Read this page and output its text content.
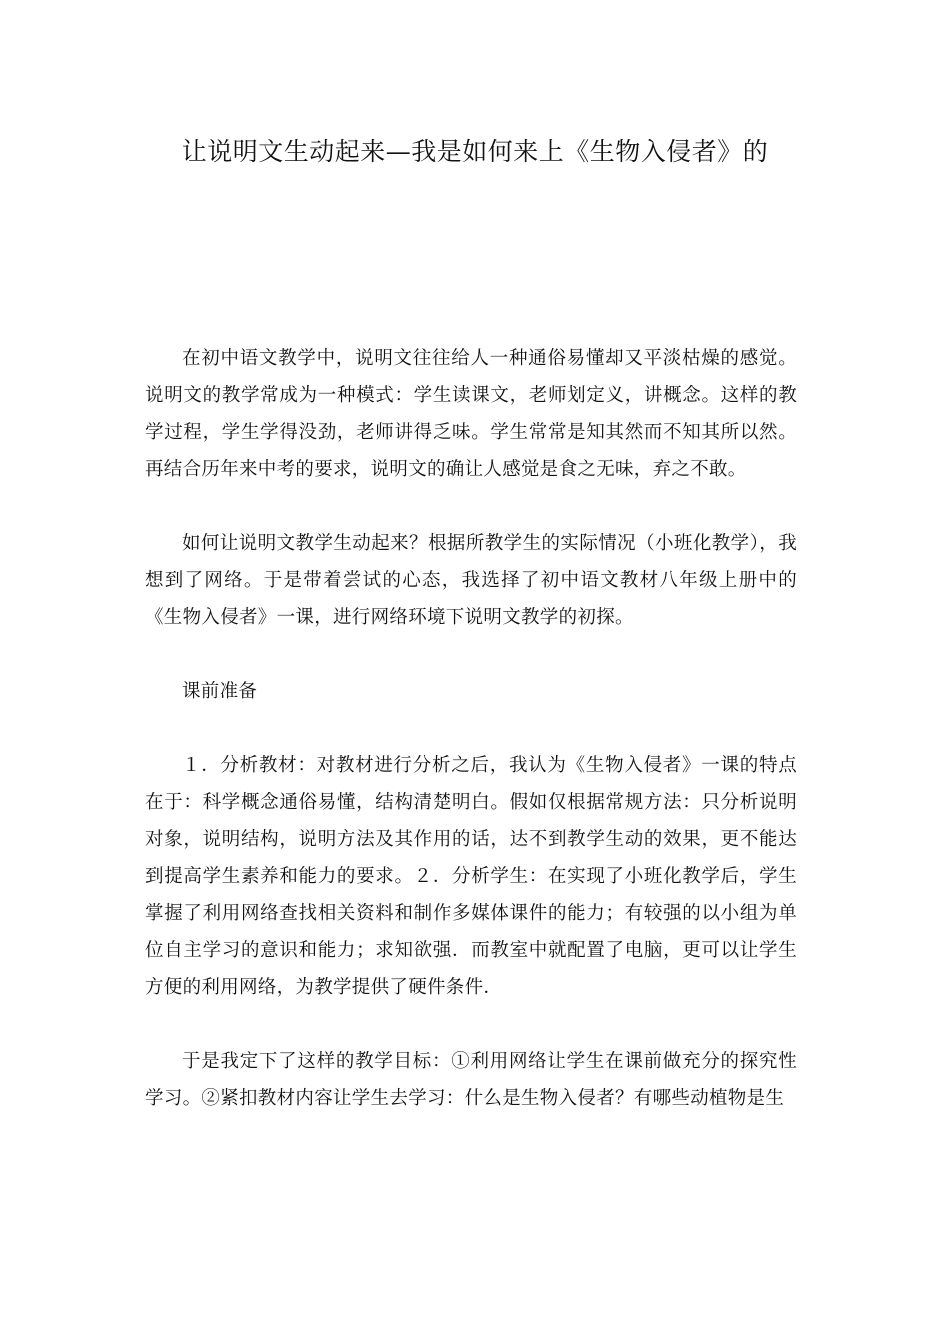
让说明文生动起来—我是如何来上《生物入侵者》的

在初中语文教学中，说明文往往给人一种通俗易懂却又平淡枯燥的感觉。说明文的教学常成为一种模式：学生读课文，老师划定义，讲概念。这样的教学过程，学生学得没劲，老师讲得乏味。学生常常是知其然而不知其所以然。再结合历年来中考的要求，说明文的确让人感觉是食之无味，弃之不敢。

如何让说明文教学生动起来？根据所教学生的实际情况（小班化教学），我想到了网络。于是带着尝试的心态，我选择了初中语文教材八年级上册中的《生物入侵者》一课，进行网络环境下说明文教学的初探。

课前准备

１．分析教材：对教材进行分析之后，我认为《生物入侵者》一课的特点在于：科学概念通俗易懂，结构清楚明白。假如仅根据常规方法：只分析说明对象，说明结构，说明方法及其作用的话，达不到教学生动的效果，更不能达到提高学生素养和能力的要求。２．分析学生：在实现了小班化教学后，学生掌握了利用网络查找相关资料和制作多媒体课件的能力；有较强的以小组为单位自主学习的意识和能力；求知欲强．而教室中就配置了电脑，更可以让学生方便的利用网络，为教学提供了硬件条件．

于是我定下了这样的教学目标：①利用网络让学生在课前做充分的探究性学习。②紧扣教材内容让学生去学习：什么是生物入侵者？有哪些动植物是生
